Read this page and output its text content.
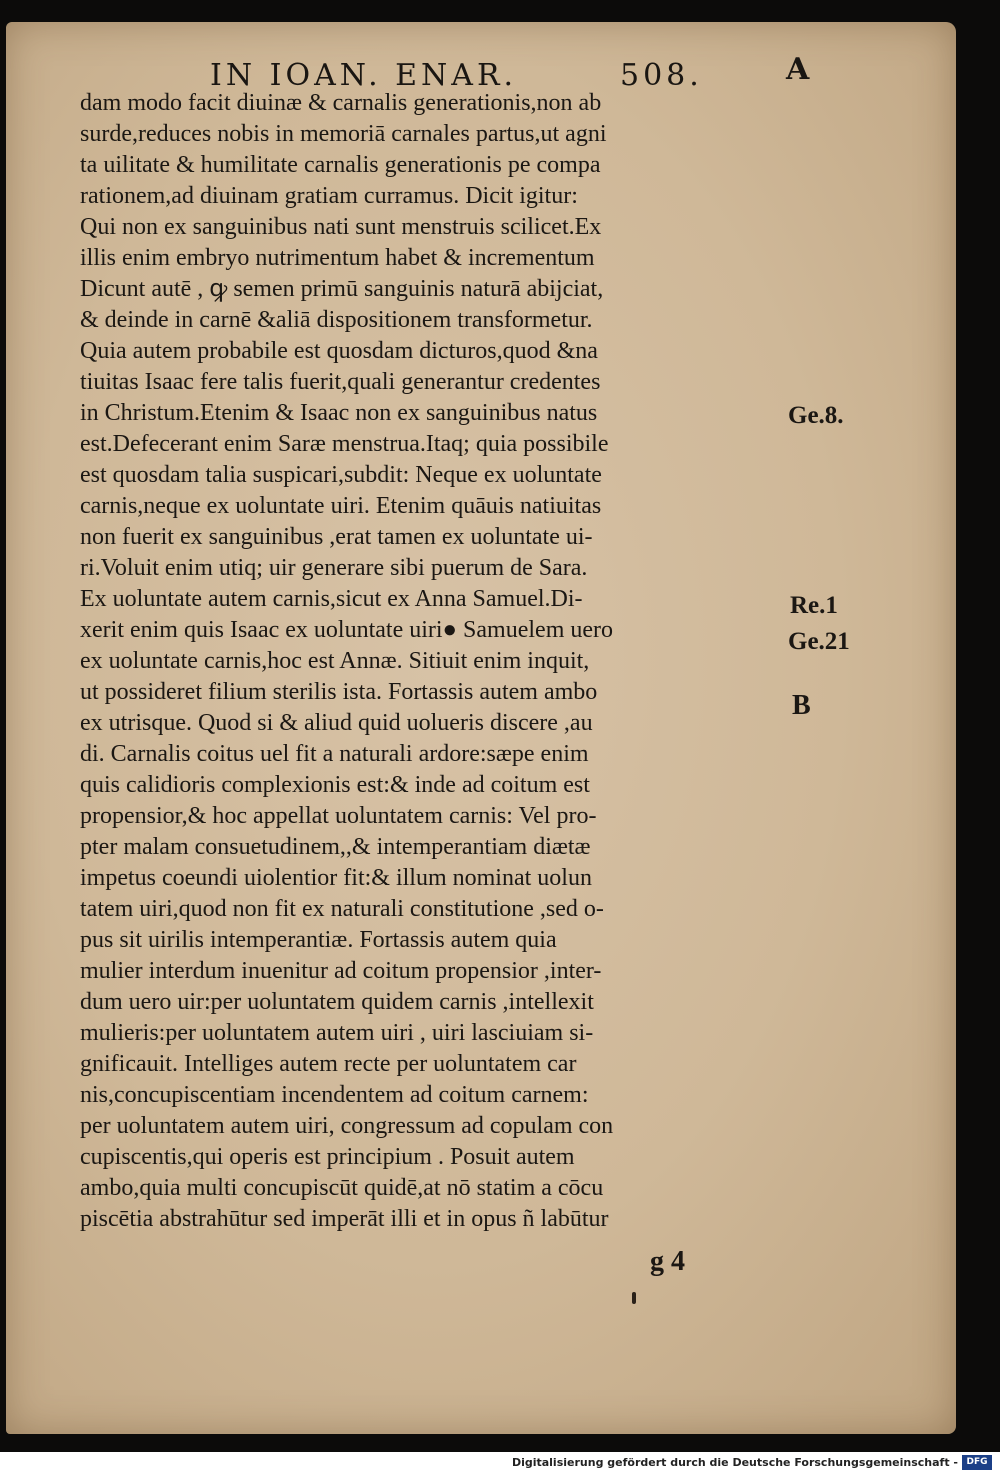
IN IOAN. ENAR.	508.	A
dam modo facit diuinæ & carnalis generationis,non ab
surde,reduces nobis in memoriā carnales partus,ut agni
ta uilitate & humilitate carnalis generationis pe compa
rationem,ad diuinam gratiam curramus. Dicit igitur:
Qui non ex sanguinibus nati sunt menstruis scilicet.Ex
illis enim embryo nutrimentum habet & incrementum
Dicunt autē , ꝙ semen primū sanguinis naturā abijciat,
& deinde in carnē &aliā dispositionem transformetur.
Quia autem probabile est quosdam dicturos,quod &na
tiuitas Isaac fere talis fuerit,quali generantur credentes
in Christum.Etenim & Isaac non ex sanguinibus natus
est.Defecerant enim Saræ menstrua.Itaq; quia possibile
est quosdam talia suspicari,subdit: Neque ex uoluntate
carnis,neque ex uoluntate uiri. Etenim quāuis natiuitas
non fuerit ex sanguinibus ,erat tamen ex uoluntate ui-
ri.Voluit enim utiq; uir generare sibi puerum de Sara.
Ex uoluntate autem carnis,sicut ex Anna Samuel.Di-
xerit enim quis Isaac ex uoluntate uiri● Samuelem uero
ex uoluntate carnis,hoc est Annæ. Sitiuit enim inquit,
ut possideret filium sterilis ista. Fortassis autem ambo
ex utrisque. Quod si & aliud quid uolueris discere ,au
di. Carnalis coitus uel fit a naturali ardore:sæpe enim
quis calidioris complexionis est:& inde ad coitum est
propensior,& hoc appellat uoluntatem carnis: Vel pro-
pter malam consuetudinem,,& intemperantiam diætæ
impetus coeundi uiolentior fit:& illum nominat uolun
tatem uiri,quod non fit ex naturali constitutione ,sed o-
pus sit uirilis intemperantiæ. Fortassis autem quia
mulier interdum inuenitur ad coitum propensior ,inter-
dum uero uir:per uoluntatem quidem carnis ,intellexit
mulieris:per uoluntatem autem uiri , uiri lasciuiam si-
gnificauit. Intelliges autem recte per uoluntatem car
nis,concupiscentiam incendentem ad coitum carnem:
per uoluntatem autem uiri, congressum ad copulam con
cupiscentis,qui operis est principium . Posuit autem
ambo,quia multi concupiscūt quidē,at nō statim a cōcu
piscētia abstrahūtur sed imperāt illi et in opus ñ labūtur
Ge.8.
Re.1
Ge.21
B
g 4
Digitalisierung gefördert durch die Deutsche Forschungsgemeinschaft - DFG
